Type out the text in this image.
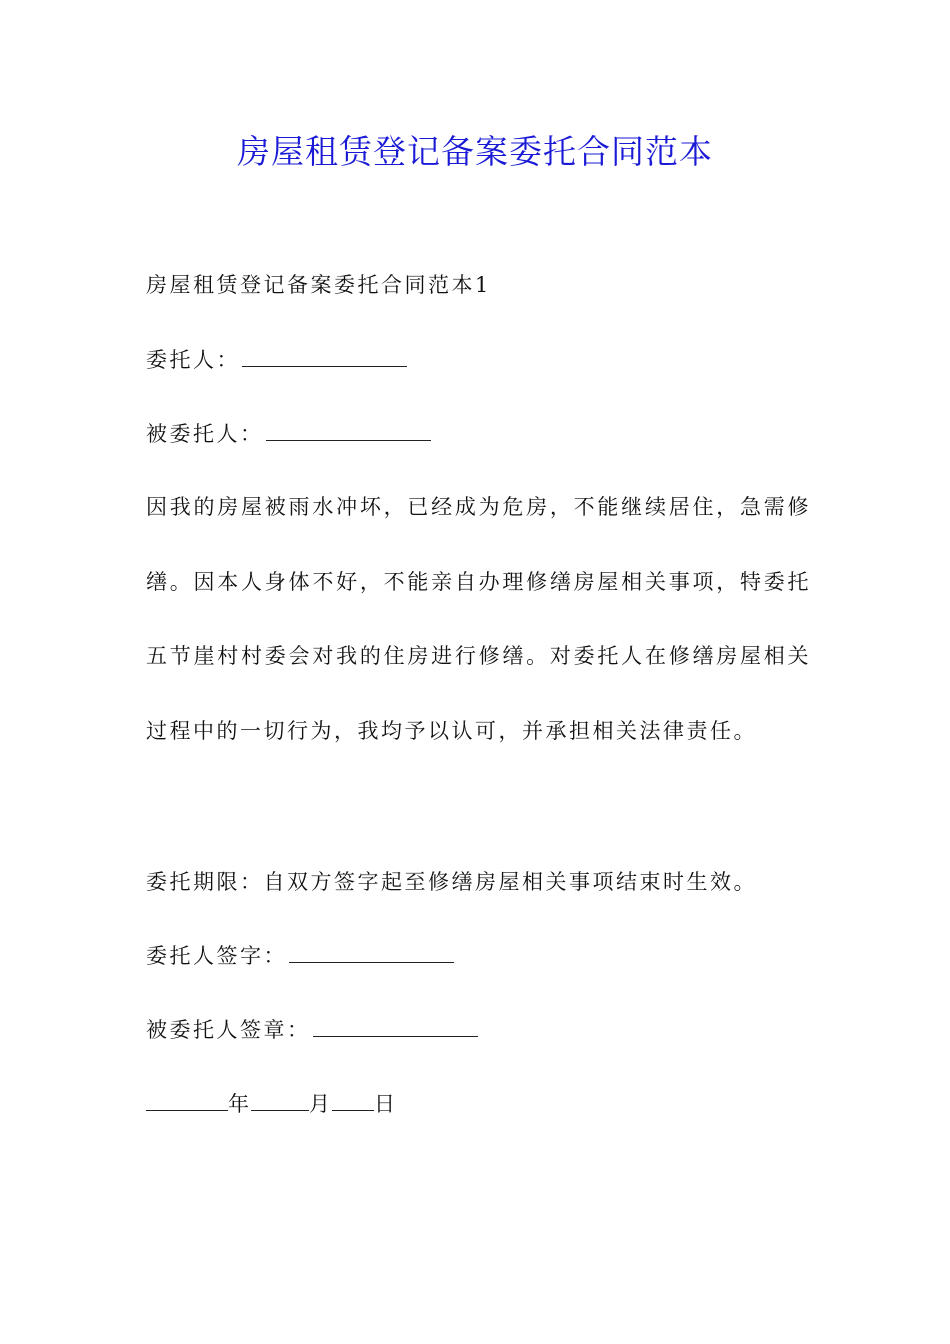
房屋租赁登记备案委托合同范本
房屋租赁登记备案委托合同范本1
委托人：
被委托人：

因我的房屋被雨水冲坏，已经成为危房，不能继续居住，急需修缮。因本人身体不好，不能亲自办理修缮房屋相关事项，特委托五节崖村村委会对我的住房进行修缮。对委托人在修缮房屋相关过程中的一切行为，我均予以认可，并承担相关法律责任。

委托期限：自双方签字起至修缮房屋相关事项结束时生效。
委托人签字：
被委托人签章：
年	月 日
